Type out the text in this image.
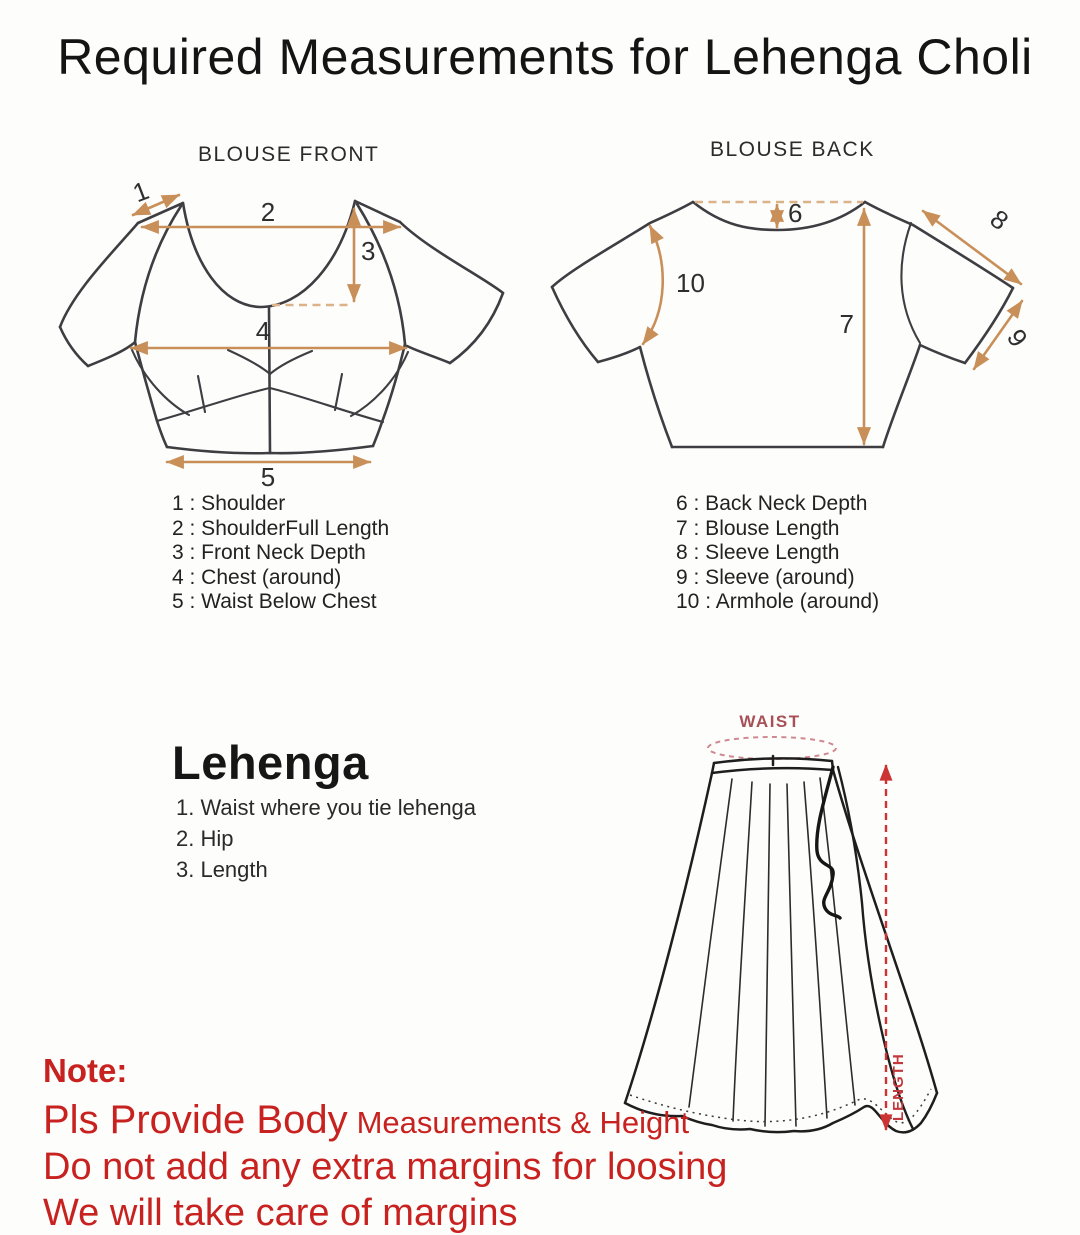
Required Measurements for Lehenga Choli
BLOUSE FRONT	BLOUSE BACK
1
2
3
4
5
6
7
8
9
10
1 : Shoulder
2 : ShoulderFull Length
3 : Front Neck Depth
4 : Chest (around)
5 : Waist Below Chest
6 : Back Neck Depth
7 : Blouse Length
8 : Sleeve Length
9 : Sleeve (around)
10 : Armhole (around)
Lehenga
1. Waist where you tie lehenga
2. Hip
3. Length
WAIST
LENGTH
Note:
Pls Provide Body Measurements & Height
Do not add any extra margins for loosing
We will take care of margins
